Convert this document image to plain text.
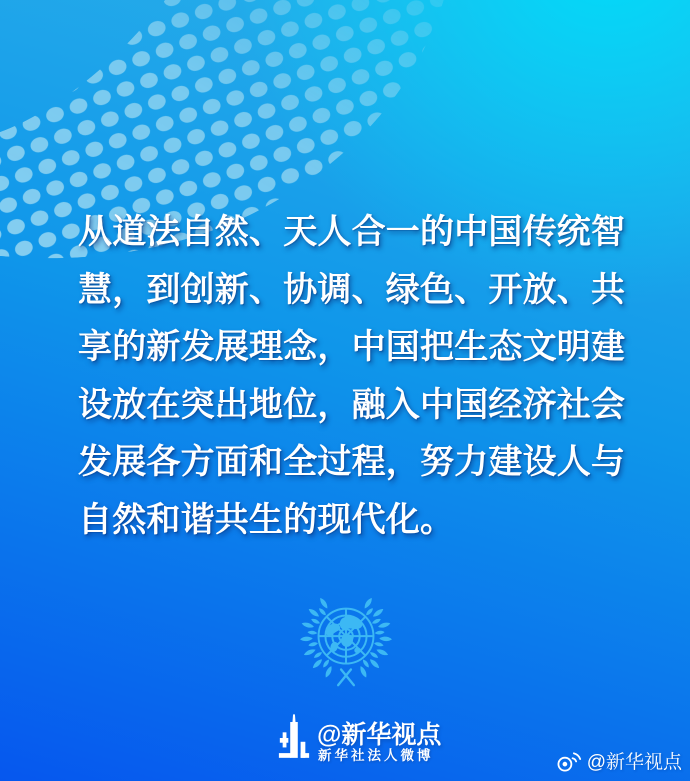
从道法自然、天人合一的中国传统智
慧，到创新、协调、绿色、开放、共
享的新发展理念，中国把生态文明建
设放在突出地位，融入中国经济社会
发展各方面和全过程，努力建设人与
自然和谐共生的现代化。
@新华视点
新华社法人微博	@新华视点
